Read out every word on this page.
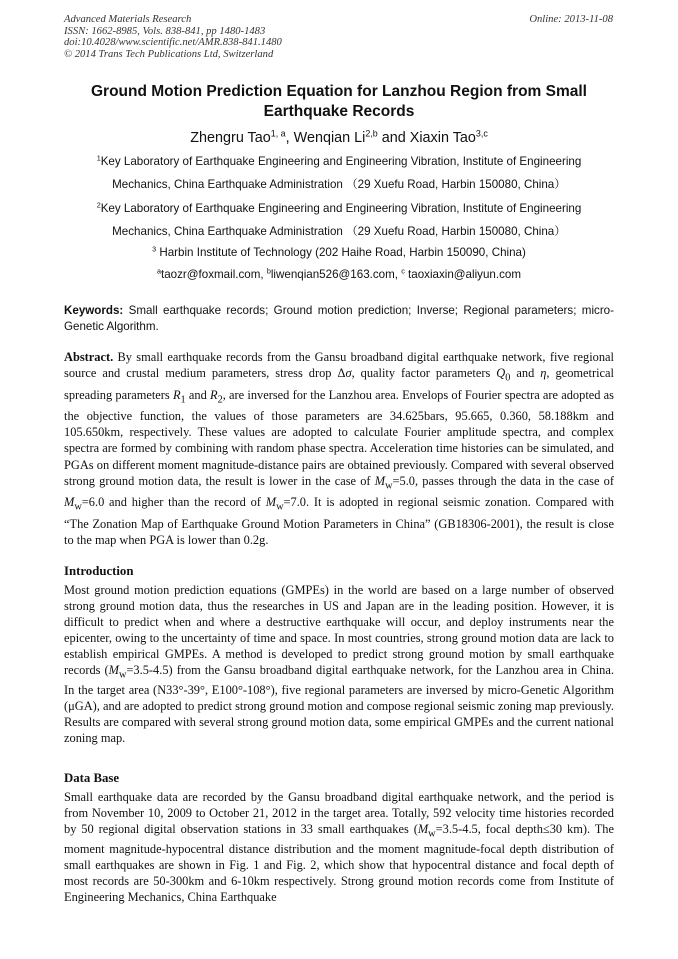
Advanced Materials Research
ISSN: 1662-8985, Vols. 838-841, pp 1480-1483
doi:10.4028/www.scientific.net/AMR.838-841.1480
© 2014 Trans Tech Publications Ltd, Switzerland
Online: 2013-11-08
Ground Motion Prediction Equation for Lanzhou Region from Small Earthquake Records
Zhengru Tao$^{1, a}$, Wenqian Li$^{2,b}$ and Xiaxin Tao$^{3,c}$
$^1$Key Laboratory of Earthquake Engineering and Engineering Vibration, Institute of Engineering
Mechanics, China Earthquake Administration （29 Xuefu Road, Harbin 150080, China）
$^2$Key Laboratory of Earthquake Engineering and Engineering Vibration, Institute of Engineering
Mechanics, China Earthquake Administration （29 Xuefu Road, Harbin 150080, China）
$^3$ Harbin Institute of Technology (202 Haihe Road, Harbin 150090, China)
$^a$taozr@foxmail.com, $^b$liwenqian526@163.com, $^c$ taoxiaxin@aliyun.com
Keywords: Small earthquake records; Ground motion prediction; Inverse; Regional parameters; micro-Genetic Algorithm.
Abstract. By small earthquake records from the Gansu broadband digital earthquake network, five regional source and crustal medium parameters, stress drop Δσ, quality factor parameters $Q_0$ and η, geometrical spreading parameters $R_1$ and $R_2$, are inversed for the Lanzhou area. Envelops of Fourier spectra are adopted as the objective function, the values of those parameters are 34.625bars, 95.665, 0.360, 58.188km and 105.650km, respectively. These values are adopted to calculate Fourier amplitude spectra, and complex spectra are formed by combining with random phase spectra. Acceleration time histories can be simulated, and PGAs on different moment magnitude-distance pairs are obtained previously. Compared with several observed strong ground motion data, the result is lower in the case of $M_w=5.0$, passes through the data in the case of $M_w=6.0$ and higher than the record of $M_w=7.0$. It is adopted in regional seismic zonation. Compared with “The Zonation Map of Earthquake Ground Motion Parameters in China” (GB18306-2001), the result is close to the map when PGA is lower than 0.2g.
Introduction
Most ground motion prediction equations (GMPEs) in the world are based on a large number of observed strong ground motion data, thus the researches in US and Japan are in the leading position. However, it is difficult to predict when and where a destructive earthquake will occur, and deploy instruments near the epicenter, owing to the uncertainty of time and space. In most countries, strong ground motion data are lack to establish empirical GMPEs. A method is developed to predict strong ground motion by small earthquake records $(M_w=3.5-4.5)$ from the Gansu broadband digital earthquake network, for the Lanzhou area in China. In the target area (N33°-39°, E100°-108°), five regional parameters are inversed by micro-Genetic Algorithm (μGA), and are adopted to predict strong ground motion and compose regional seismic zoning map previously. Results are compared with several strong ground motion data, some empirical GMPEs and the current national zoning map.
Data Base
Small earthquake data are recorded by the Gansu broadband digital earthquake network, and the period is from November 10, 2009 to October 21, 2012 in the target area. Totally, 592 velocity time histories recorded by 50 regional digital observation stations in 33 small earthquakes ($M_w=3.5-4.5$, focal depth≤30 km). The moment magnitude-hypocentral distance distribution and the moment magnitude-focal depth distribution of small earthquakes are shown in Fig. 1 and Fig. 2, which show that hypocentral distance and focal depth of most records are 50-300km and 6-10km respectively. Strong ground motion records come from Institute of Engineering Mechanics, China Earthquake
